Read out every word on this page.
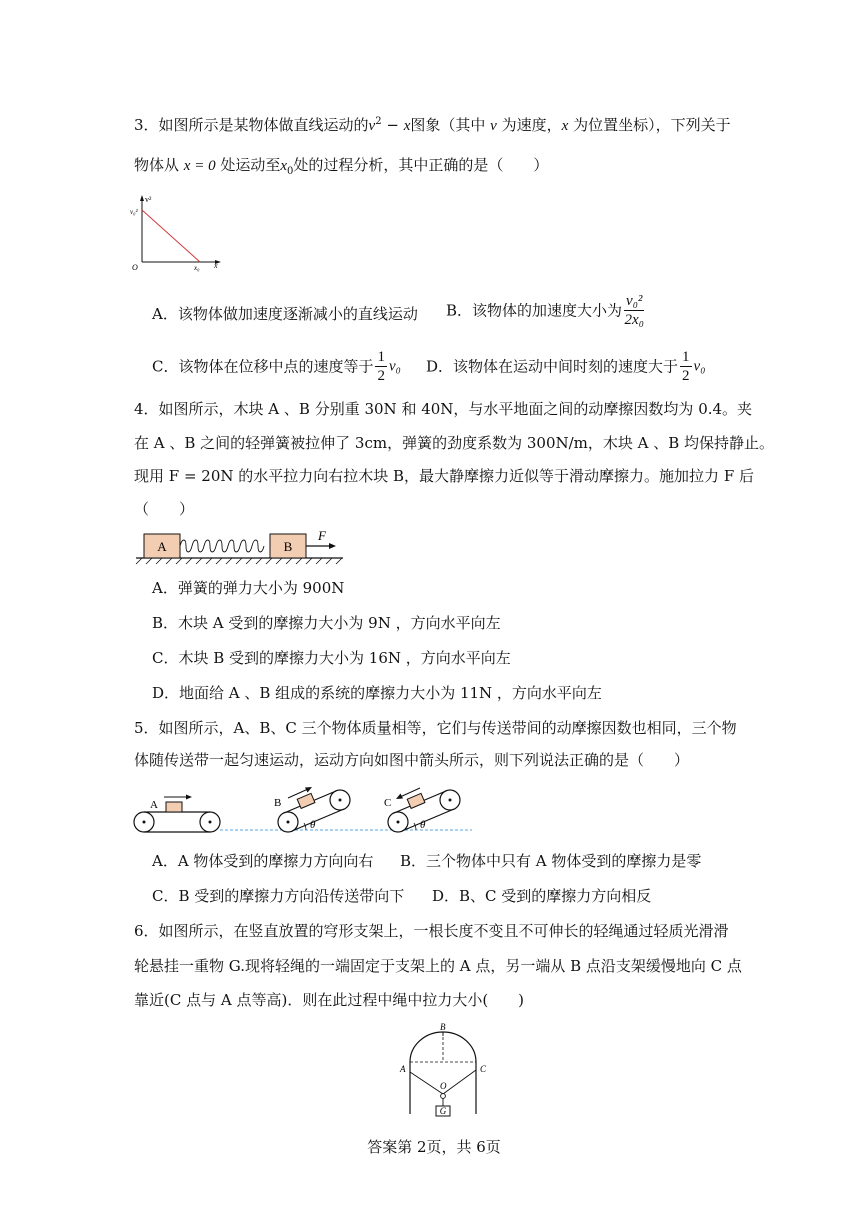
3．如图所示是某物体做直线运动的$v^2 - x$图象（其中 v 为速度，x 为位置坐标），下列关于
物体从 x = 0 处运动至$x_0$处的过程分析，其中正确的是（　　）
v²
v₀²
O	x₀ x
A．该物体做加速度逐渐减小的直线运动 B．该物体的加速度大小为 $\frac{\text{v₀²}}{\text{2x₀}}$
C．该物体在位移中点的速度等于 $\frac{1}{2} v_0$ D．该物体在运动中间时刻的速度大于 $\frac{1}{2} v_0$
4．如图所示，木块 A 、B 分别重 30N 和 40N，与水平地面之间的动摩擦因数均为 0.4。夹
在 A 、B 之间的轻弹簧被拉伸了 3cm，弹簧的劲度系数为 300N/m，木块 A 、B 均保持静止。
现用 F = 20N 的水平拉力向右拉木块 B，最大静摩擦力近似等于滑动摩擦力。施加拉力 F 后
（　　）
A	B
F
A．弹簧的弹力大小为 900N
B．木块 A 受到的摩擦力大小为 9N ，方向水平向左
C．木块 B 受到的摩擦力大小为 16N ，方向水平向左
D．地面给 A 、B 组成的系统的摩擦力大小为 11N ，方向水平向左
5．如图所示，A、B、C 三个物体质量相等，它们与传送带间的动摩擦因数也相同，三个物
体随传送带一起匀速运动，运动方向如图中箭头所示，则下列说法正确的是（　　）
A	B
θ
C
θ
A．A 物体受到的摩擦力方向向右 B．三个物体中只有 A 物体受到的摩擦力是零
C．B 受到的摩擦力方向沿传送带向下 D．B、C 受到的摩擦力方向相反
6．如图所示，在竖直放置的穹形支架上，一根长度不变且不可伸长的轻绳通过轻质光滑滑
轮悬挂一重物 G.现将轻绳的一端固定于支架上的 A 点，另一端从 B 点沿支架缓慢地向 C 点
靠近(C 点与 A 点等高)．则在此过程中绳中拉力大小(　　)
G
B
A	C
O
答案第 2页，共 6页
